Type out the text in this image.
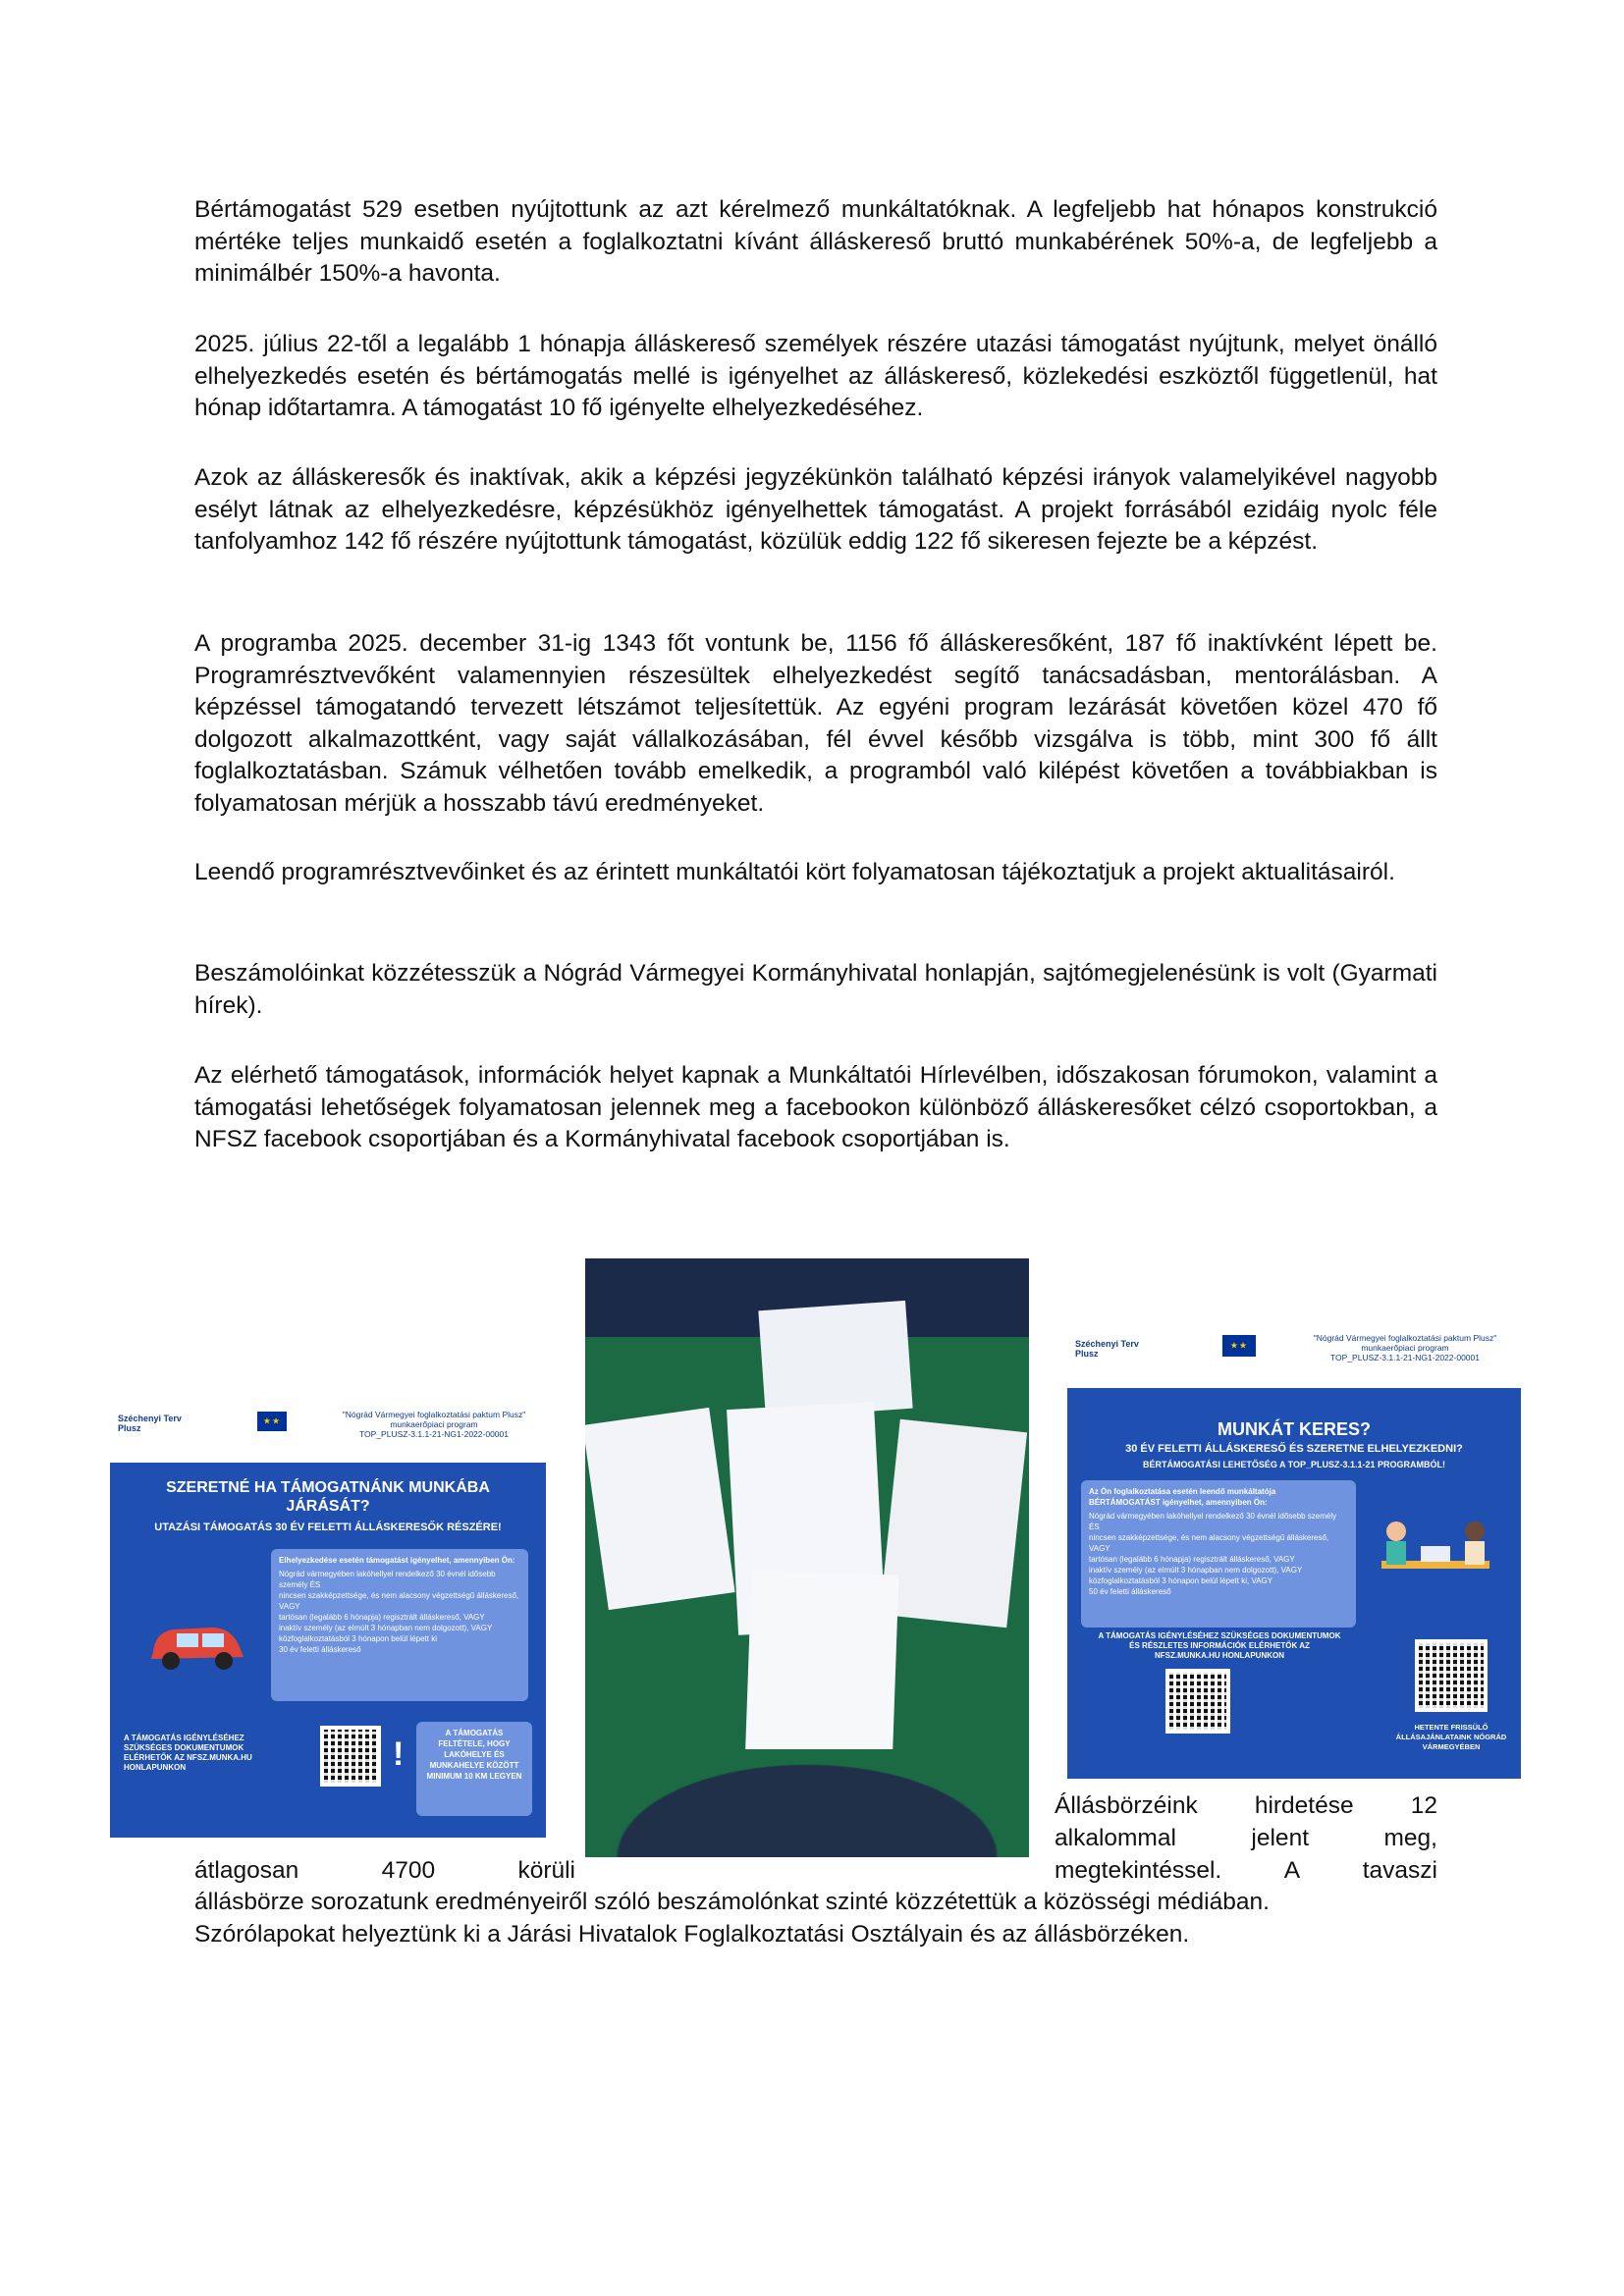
Bértámogatást 529 esetben nyújtottunk az azt kérelmező munkáltatóknak. A legfeljebb hat hónapos konstrukció mértéke teljes munkaidő esetén a foglalkoztatni kívánt álláskereső bruttó munkabérének 50%-a, de legfeljebb a minimálbér 150%-a havonta.

2025. július 22-től a legalább 1 hónapja álláskereső személyek részére utazási támogatást nyújtunk, melyet önálló elhelyezkedés esetén és bértámogatás mellé is igényelhet az álláskereső, közlekedési eszköztől függetlenül, hat hónap időtartamra. A támogatást 10 fő igényelte elhelyezkedéséhez.

Azok az álláskeresők és inaktívak, akik a képzési jegyzékünkön található képzési irányok valamelyikével nagyobb esélyt látnak az elhelyezkedésre, képzésükhöz igényelhettek támogatást. A projekt forrásából ezidáig nyolc féle tanfolyamhoz 142 fő részére nyújtottunk támogatást, közülük eddig 122 fő sikeresen fejezte be a képzést.

A programba 2025. december 31-ig 1343 főt vontunk be, 1156 fő álláskeresőként, 187 fő inaktívként lépett be. Programrésztvevőként valamennyien részesültek elhelyezkedést segítő tanácsadásban, mentorálásban. A képzéssel támogatandó tervezett létszámot teljesítettük. Az egyéni program lezárását követően közel 470 fő dolgozott alkalmazottként, vagy saját vállalkozásában, fél évvel később vizsgálva is több, mint 300 fő állt foglalkoztatásban. Számuk vélhetően tovább emelkedik, a programból való kilépést követően a továbbiakban is folyamatosan mérjük a hosszabb távú eredményeket.

Leendő programrésztvevőinket és az érintett munkáltatói kört folyamatosan tájékoztatjuk a projekt aktualitásairól.

Beszámolóinkat közzétesszük a Nógrád Vármegyei Kormányhivatal honlapján, sajtómegjelenésünk is volt (Gyarmati hírek).

Az elérhető támogatások, információk helyet kapnak a Munkáltatói Hírlevélben, időszakosan fórumokon, valamint a támogatási lehetőségek folyamatosan jelennek meg a facebookon különböző álláskeresőket célzó csoportokban, a NFSZ facebook csoportjában és a Kormányhivatal facebook csoportjában is.

Széchenyi Terv Plusz
★★
"Nógrád Vármegyei foglalkoztatási paktum Plusz"
munkaerőpiaci program
TOP_PLUSZ-3.1.1-21-NG1-2022-00001
SZERETNÉ HA TÁMOGATNÁNK MUNKÁBA JÁRÁSÁT?
UTAZÁSI TÁMOGATÁS 30 ÉV FELETTI ÁLLÁSKERESŐK RÉSZÉRE!
Elhelyezkedése esetén támogatást igényelhet, amennyiben Ön:
Nógrád vármegyében lakóhellyel rendelkező 30 évnél idősebb személy ÉS
nincsen szakképzettsége, és nem alacsony végzettségű álláskereső, VAGY
tartósan (legalább 6 hónapja) regisztrált álláskereső, VAGY
inaktív személy (az elmúlt 3 hónapban nem dolgozott), VAGY
közfoglalkoztatásból 3 hónapon belül lépett ki
30 év feletti álláskereső
A TÁMOGATÁS IGÉNYLÉSÉHEZ SZÜKSÉGES DOKUMENTUMOK ELÉRHETŐK AZ NFSZ.MUNKA.HU HONLAPUNKON	!
A TÁMOGATÁS FELTÉTELE, HOGY LAKÓHELYE ÉS MUNKAHELYE KÖZÖTT MINIMUM 10 KM LEGYEN
Széchenyi Terv Plusz
★★
"Nógrád Vármegyei foglalkoztatási paktum Plusz"
munkaerőpiaci program
TOP_PLUSZ-3.1.1-21-NG1-2022-00001
MUNKÁT KERES?
30 ÉV FELETTI ÁLLÁSKERESŐ ÉS SZERETNE ELHELYEZKEDNI?
BÉRTÁMOGATÁSI LEHETŐSÉG A TOP_PLUSZ-3.1.1-21 PROGRAMBÓL!
Az Ön foglalkoztatása esetén leendő munkáltatója BÉRTÁMOGATÁST igényelhet, amennyiben Ön:
Nógrád vármegyében lakóhellyel rendelkező 30 évnél idősebb személy ÉS
nincsen szakképzettsége, és nem alacsony végzettségű álláskereső, VAGY
tartósan (legalább 6 hónapja) regisztrált álláskereső, VAGY
inaktív személy (az elmúlt 3 hónapban nem dolgozott), VAGY
közfoglalkoztatásból 3 hónapon belül lépett ki, VAGY
50 év feletti álláskereső
A TÁMOGATÁS IGÉNYLÉSÉHEZ SZÜKSÉGES DOKUMENTUMOK ÉS RÉSZLETES INFORMÁCIÓK ELÉRHETŐK AZ NFSZ.MUNKA.HU HONLAPUNKON
HETENTE FRISSÜLŐ ÁLLÁSAJÁNLATAINK NÓGRÁD VÁRMEGYÉBEN

Állásbörzéink hirdetése 12

alkalommal jelent meg,

átlagosan 4700 körüli	megtekintéssel. A tavaszi

állásbörze sorozatunk eredményeiről szóló beszámolónkat szinté közzétettük a közösségi médiában.

Szórólapokat helyeztünk ki a Járási Hivatalok Foglalkoztatási Osztályain és az állásbörzéken.
